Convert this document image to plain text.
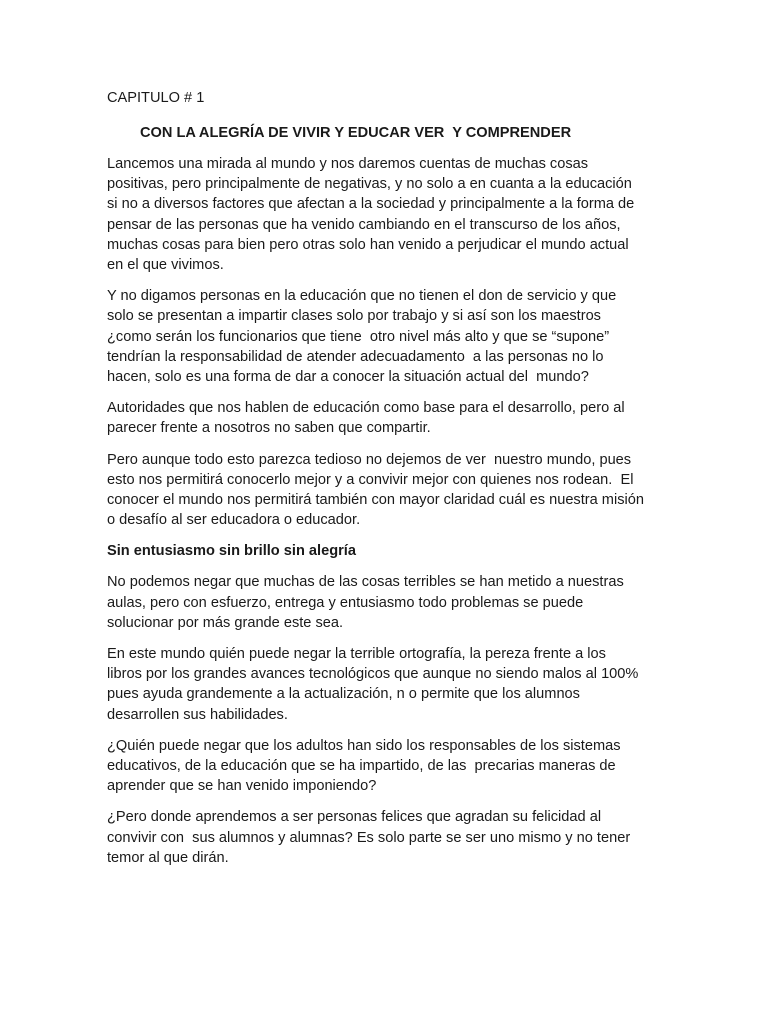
CAPITULO # 1
CON LA ALEGRÍA DE VIVIR Y EDUCAR VER  Y COMPRENDER

Lancemos una mirada al mundo y nos daremos cuentas de muchas cosas
positivas, pero principalmente de negativas, y no solo a en cuanta a la educación
si no a diversos factores que afectan a la sociedad y principalmente a la forma de
pensar de las personas que ha venido cambiando en el transcurso de los años,
muchas cosas para bien pero otras solo han venido a perjudicar el mundo actual
en el que vivimos.

Y no digamos personas en la educación que no tienen el don de servicio y que
solo se presentan a impartir clases solo por trabajo y si así son los maestros
¿como serán los funcionarios que tiene  otro nivel más alto y que se “supone”
tendrían la responsabilidad de atender adecuadamento  a las personas no lo
hacen, solo es una forma de dar a conocer la situación actual del  mundo?

Autoridades que nos hablen de educación como base para el desarrollo, pero al
parecer frente a nosotros no saben que compartir.

Pero aunque todo esto parezca tedioso no dejemos de ver  nuestro mundo, pues
esto nos permitirá conocerlo mejor y a convivir mejor con quienes nos rodean.  El
conocer el mundo nos permitirá también con mayor claridad cuál es nuestra misión
o desafío al ser educadora o educador.

Sin entusiasmo sin brillo sin alegría

No podemos negar que muchas de las cosas terribles se han metido a nuestras
aulas, pero con esfuerzo, entrega y entusiasmo todo problemas se puede
solucionar por más grande este sea.

En este mundo quién puede negar la terrible ortografía, la pereza frente a los
libros por los grandes avances tecnológicos que aunque no siendo malos al 100%
pues ayuda grandemente a la actualización, n o permite que los alumnos
desarrollen sus habilidades.

¿Quién puede negar que los adultos han sido los responsables de los sistemas
educativos, de la educación que se ha impartido, de las  precarias maneras de
aprender que se han venido imponiendo?

¿Pero donde aprendemos a ser personas felices que agradan su felicidad al
convivir con  sus alumnos y alumnas? Es solo parte se ser uno mismo y no tener
temor al que dirán.
